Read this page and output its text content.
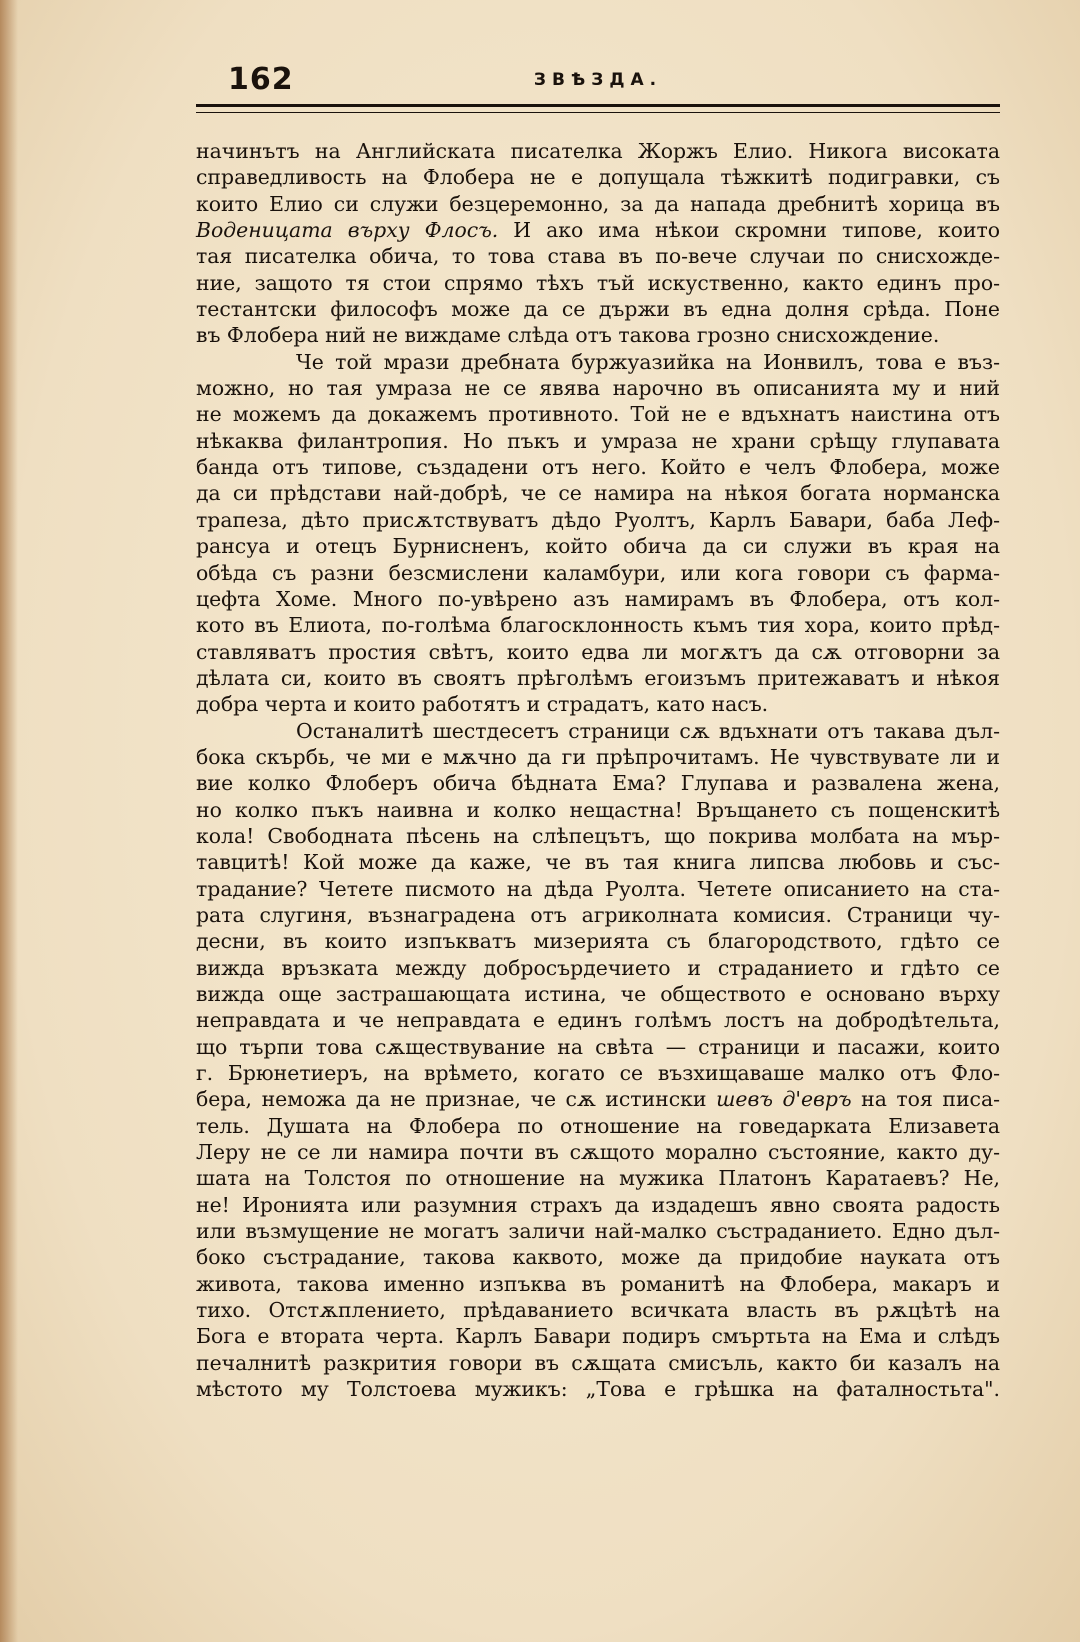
162	ЗВѢЗДА.
начинътъ на Английската писателка Жоржъ Елио. Никога високата
справедливость на Флобера не е допущала тѣжкитѣ подигравки, съ
които Елио си служи безцеремонно, за да напада дребнитѣ хорица въ
Воденицата върху Флосъ. И ако има нѣкои скромни типове, които
тая писателка обича, то това става въ по-вече случаи по снисхожде-
ние, защото тя стои спрямо тѣхъ тъй искуственно, както единъ про-
тестантски философъ може да се държи въ една долня срѣда. Поне
въ Флобера ний не виждаме слѣда отъ такова грозно снисхождение.
Че той мрази дребната буржуазийка на Ионвилъ, това е въз-
можно, но тая умраза не се явява нарочно въ описанията му и ний
не можемъ да докажемъ противното. Той не е вдъхнатъ наистина отъ
нѣкаква филантропия. Но пъкъ и умраза не храни срѣщу глупавата
банда отъ типове, създадени отъ него. Който е челъ Флобера, може
да си прѣдстави най-добрѣ, че се намира на нѣкоя богата норманска
трапеза, дѣто присѫтствуватъ дѣдо Руолтъ, Карлъ Бавари, баба Леф-
рансуа и отецъ Бурнисненъ, който обича да си служи въ края на
обѣда съ разни безсмислени каламбури, или кога говори съ фарма-
цефта Хоме. Много по-увѣрено азъ намирамъ въ Флобера, отъ кол-
кото въ Елиота, по-голѣма благосклонность къмъ тия хора, които прѣд-
ставляватъ простия свѣтъ, които едва ли могѫтъ да сѫ отговорни за
дѣлата си, които въ своятъ прѣголѣмъ егоизъмъ притежаватъ и нѣкоя
добра черта и които работятъ и страдатъ, като насъ.
Останалитѣ шестдесетъ страници сѫ вдъхнати отъ такава дъл-
бока скърбь, че ми е мѫчно да ги прѣпрочитамъ. Не чувствувате ли и
вие колко Флоберъ обича бѣдната Ема? Глупава и развалена жена,
но колко пъкъ наивна и колко нещастна! Връщането съ пощенскитѣ
кола! Свободната пѣсень на слѣпецътъ, що покрива молбата на мър-
тавцитѣ! Кой може да каже, че въ тая книга липсва любовь и със-
традание? Четете писмото на дѣда Руолта. Четете описанието на ста-
рата слугиня, възнаградена отъ агриколната комисия. Страници чу-
десни, въ които изпъкватъ мизерията съ благородството, гдѣто се
вижда връзката между добросърдечието и страданието и гдѣто се
вижда още застрашающата истина, че обществото е основано върху
неправдата и че неправдата е единъ голѣмъ лостъ на добродѣтельта,
що търпи това сѫществувание на свѣта — страници и пасажи, които
г. Брюнетиеръ, на врѣмето, когато се възхищаваше малко отъ Фло-
бера, неможа да не признае, че сѫ истински шевъ д'евръ на тоя писа-
тель. Душата на Флобера по отношение на говедарката Елизавета
Леру не се ли намира почти въ сѫщото морално състояние, както ду-
шата на Толстоя по отношение на мужика Платонъ Каратаевъ? Не,
не! Иронията или разумния страхъ да издадешъ явно своята радость
или възмущение не могатъ заличи най-малко състраданието. Едно дъл-
боко състрадание, такова каквото, може да придобие науката отъ
живота, такова именно изпъква въ романитѣ на Флобера, макаръ и
тихо. Отстѫплението, прѣдаванието всичката власть въ рѫцѣтѣ на
Бога е втората черта. Карлъ Бавари подиръ смъртьта на Ема и слѣдъ
печалнитѣ разкрития говори въ сѫщата смисъль, както би казалъ на
мѣстото му Толстоева мужикъ: „Това е грѣшка на фаталностьта".
